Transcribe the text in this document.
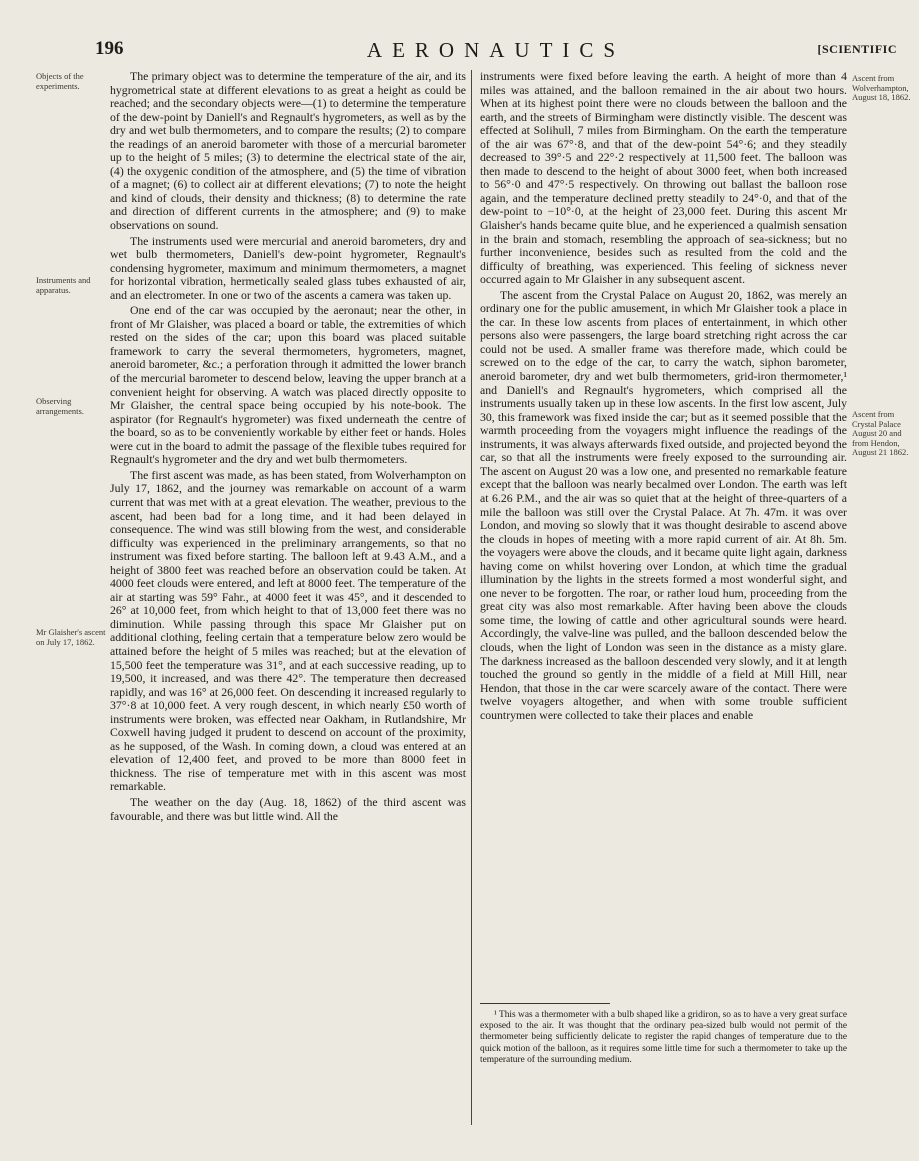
196	AERONAUTICS	[SCIENTIFIC
Objects of the experiments.
Instruments and apparatus.
Observing arrangements.
Mr Glaisher's ascent on July 17, 1862.
Ascent from Wolverhampton, August 18, 1862.
Ascent from Crystal Palace August 20 and from Hendon, August 21 1862.

The primary object was to determine the temperature of the air, and its hygrometrical state at different elevations to as great a height as could be reached; and the secondary objects were—(1) to determine the temperature of the dew-point by Daniell's and Regnault's hygrometers, as well as by the dry and wet bulb thermometers, and to compare the results; (2) to compare the readings of an aneroid barometer with those of a mercurial barometer up to the height of 5 miles; (3) to determine the electrical state of the air, (4) the oxygenic condition of the atmosphere, and (5) the time of vibration of a magnet; (6) to collect air at different elevations; (7) to note the height and kind of clouds, their density and thickness; (8) to determine the rate and direction of different currents in the atmosphere; and (9) to make observations on sound.

The instruments used were mercurial and aneroid barometers, dry and wet bulb thermometers, Daniell's dew-point hygrometer, Regnault's condensing hygrometer, maximum and minimum thermometers, a magnet for horizontal vibration, hermetically sealed glass tubes exhausted of air, and an electrometer. In one or two of the ascents a camera was taken up.

One end of the car was occupied by the aeronaut; near the other, in front of Mr Glaisher, was placed a board or table, the extremities of which rested on the sides of the car; upon this board was placed suitable framework to carry the several thermometers, hygrometers, magnet, aneroid barometer, &c.; a perforation through it admitted the lower branch of the mercurial barometer to descend below, leaving the upper branch at a convenient height for observing. A watch was placed directly opposite to Mr Glaisher, the central space being occupied by his note-book. The aspirator (for Regnault's hygrometer) was fixed underneath the centre of the board, so as to be conveniently workable by either feet or hands. Holes were cut in the board to admit the passage of the flexible tubes required for Regnault's hygrometer and the dry and wet bulb thermometers.

The first ascent was made, as has been stated, from Wolverhampton on July 17, 1862, and the journey was remarkable on account of a warm current that was met with at a great elevation. The weather, previous to the ascent, had been bad for a long time, and it had been delayed in consequence. The wind was still blowing from the west, and considerable difficulty was experienced in the preliminary arrangements, so that no instrument was fixed before starting. The balloon left at 9.43 A.M., and a height of 3800 feet was reached before an observation could be taken. At 4000 feet clouds were entered, and left at 8000 feet. The temperature of the air at starting was 59° Fahr., at 4000 feet it was 45°, and it descended to 26° at 10,000 feet, from which height to that of 13,000 feet there was no diminution. While passing through this space Mr Glaisher put on additional clothing, feeling certain that a temperature below zero would be attained before the height of 5 miles was reached; but at the elevation of 15,500 feet the temperature was 31°, and at each successive reading, up to 19,500, it increased, and was there 42°. The temperature then decreased rapidly, and was 16° at 26,000 feet. On descending it increased regularly to 37°·8 at 10,000 feet. A very rough descent, in which nearly £50 worth of instruments were broken, was effected near Oakham, in Rutlandshire, Mr Coxwell having judged it prudent to descend on account of the proximity, as he supposed, of the Wash. In coming down, a cloud was entered at an elevation of 12,400 feet, and proved to be more than 8000 feet in thickness. The rise of temperature met with in this ascent was most remarkable.

The weather on the day (Aug. 18, 1862) of the third ascent was favourable, and there was but little wind. All the

instruments were fixed before leaving the earth. A height of more than 4 miles was attained, and the balloon remained in the air about two hours. When at its highest point there were no clouds between the balloon and the earth, and the streets of Birmingham were distinctly visible. The descent was effected at Solihull, 7 miles from Birmingham. On the earth the temperature of the air was 67°·8, and that of the dew-point 54°·6; and they steadily decreased to 39°·5 and 22°·2 respectively at 11,500 feet. The balloon was then made to descend to the height of about 3000 feet, when both increased to 56°·0 and 47°·5 respectively. On throwing out ballast the balloon rose again, and the temperature declined pretty steadily to 24°·0, and that of the dew-point to −10°·0, at the height of 23,000 feet. During this ascent Mr Glaisher's hands became quite blue, and he experienced a qualmish sensation in the brain and stomach, resembling the approach of sea-sickness; but no further inconvenience, besides such as resulted from the cold and the difficulty of breathing, was experienced. This feeling of sickness never occurred again to Mr Glaisher in any subsequent ascent.

The ascent from the Crystal Palace on August 20, 1862, was merely an ordinary one for the public amusement, in which Mr Glaisher took a place in the car. In these low ascents from places of entertainment, in which other persons also were passengers, the large board stretching right across the car could not be used. A smaller frame was therefore made, which could be screwed on to the edge of the car, to carry the watch, siphon barometer, aneroid barometer, dry and wet bulb thermometers, grid-iron thermometer,¹ and Daniell's and Regnault's hygrometers, which comprised all the instruments usually taken up in these low ascents. In the first low ascent, July 30, this framework was fixed inside the car; but as it seemed possible that the warmth proceeding from the voyagers might influence the readings of the instruments, it was always afterwards fixed outside, and projected beyond the car, so that all the instruments were freely exposed to the surrounding air. The ascent on August 20 was a low one, and presented no remarkable feature except that the balloon was nearly becalmed over London. The earth was left at 6.26 P.M., and the air was so quiet that at the height of three-quarters of a mile the balloon was still over the Crystal Palace. At 7h. 47m. it was over London, and moving so slowly that it was thought desirable to ascend above the clouds in hopes of meeting with a more rapid current of air. At 8h. 5m. the voyagers were above the clouds, and it became quite light again, darkness having come on whilst hovering over London, at which time the gradual illumination by the lights in the streets formed a most wonderful sight, and one never to be forgotten. The roar, or rather loud hum, proceeding from the great city was also most remarkable. After having been above the clouds some time, the lowing of cattle and other agricultural sounds were heard. Accordingly, the valve-line was pulled, and the balloon descended below the clouds, when the light of London was seen in the distance as a misty glare. The darkness increased as the balloon descended very slowly, and it at length touched the ground so gently in the middle of a field at Mill Hill, near Hendon, that those in the car were scarcely aware of the contact. There were twelve voyagers altogether, and when with some trouble sufficient countrymen were collected to take their places and enable

¹ This was a thermometer with a bulb shaped like a gridiron, so as to have a very great surface exposed to the air. It was thought that the ordinary pea-sized bulb would not permit of the thermometer being sufficiently delicate to register the rapid changes of temperature due to the quick motion of the balloon, as it requires some little time for such a thermometer to take up the temperature of the surrounding medium.
